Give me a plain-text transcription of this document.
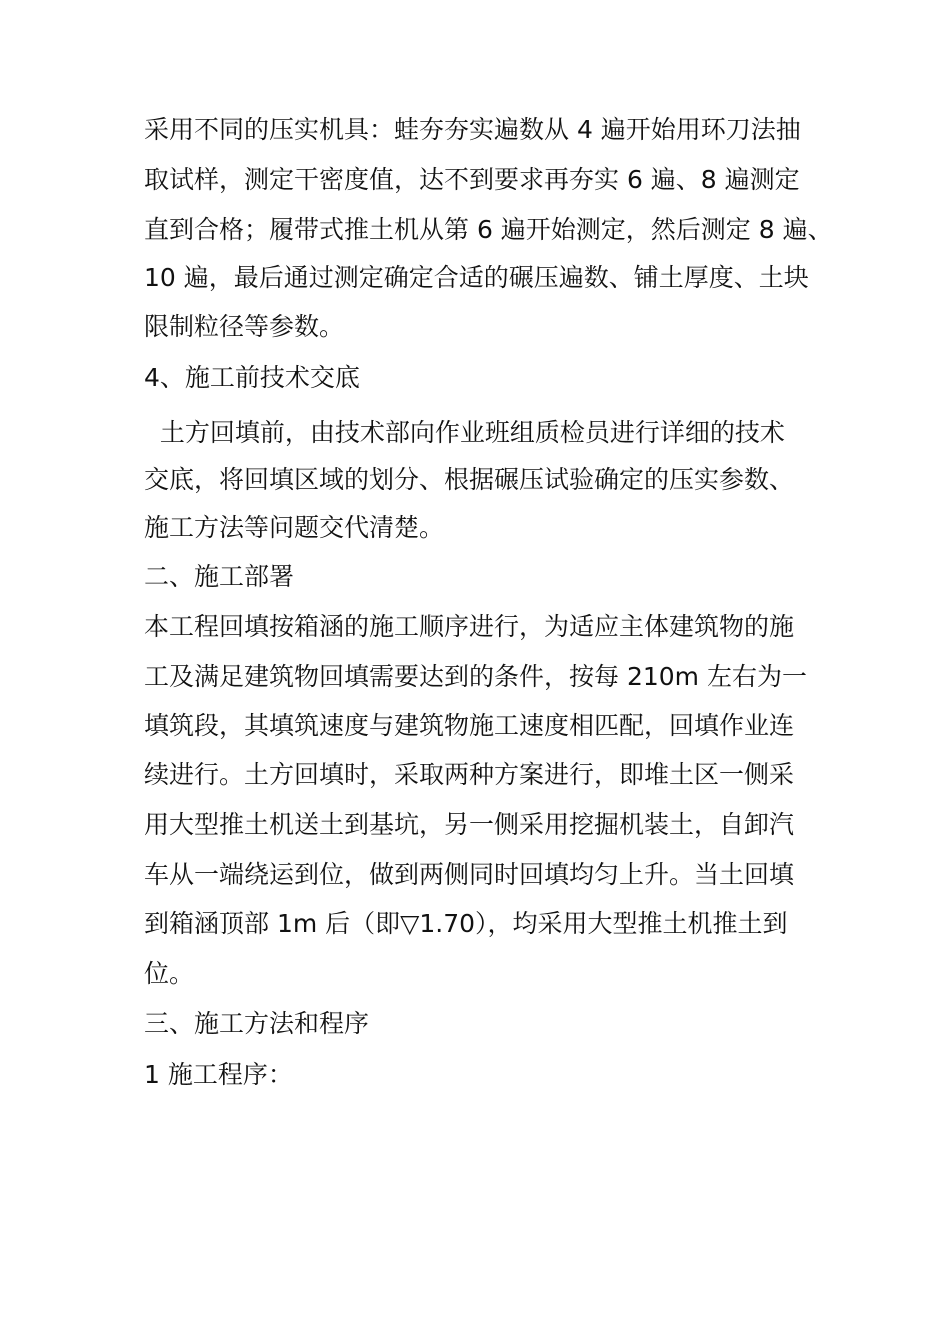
采用不同的压实机具：蛙夯夯实遍数从 4 遍开始用环刀法抽
取试样，测定干密度值，达不到要求再夯实 6 遍、8 遍测定
直到合格；履带式推土机从第 6 遍开始测定，然后测定 8 遍、
10 遍，最后通过测定确定合适的碾压遍数、铺土厚度、土块
限制粒径等参数。
4、施工前技术交底
土方回填前，由技术部向作业班组质检员进行详细的技术
交底，将回填区域的划分、根据碾压试验确定的压实参数、
施工方法等问题交代清楚。
二、施工部署
本工程回填按箱涵的施工顺序进行，为适应主体建筑物的施
工及满足建筑物回填需要达到的条件，按每 210m 左右为一
填筑段，其填筑速度与建筑物施工速度相匹配，回填作业连
续进行。土方回填时，采取两种方案进行，即堆土区一侧采
用大型推土机送土到基坑，另一侧采用挖掘机装土，自卸汽
车从一端绕运到位，做到两侧同时回填均匀上升。当土回填
到箱涵顶部 1m 后（即▽1.70），均采用大型推土机推土到
位。
三、施工方法和程序
1 施工程序：
